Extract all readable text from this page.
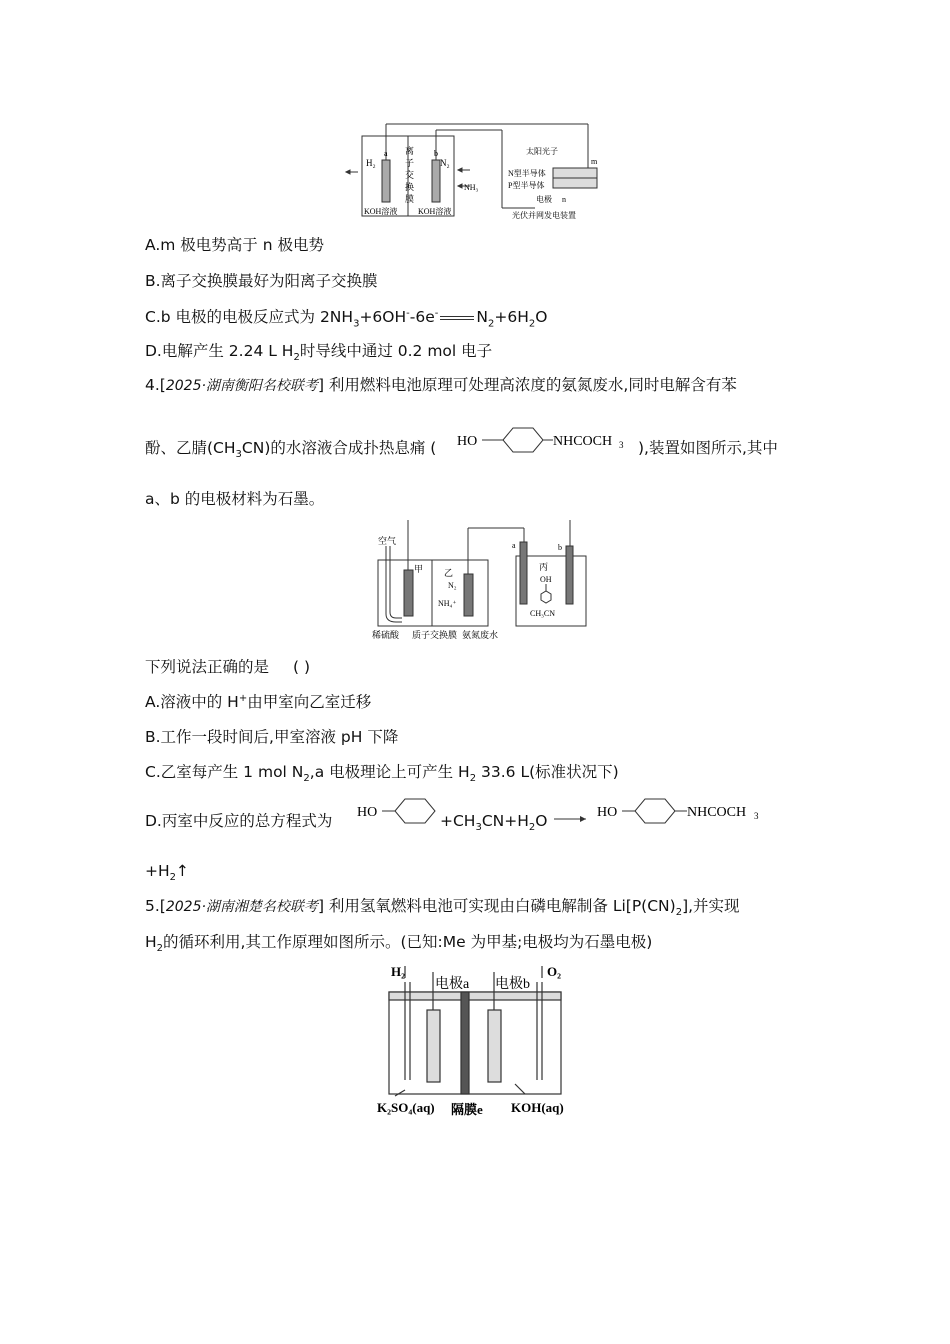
a	b
H₂	N₂
NH₃
离
子
交
换
膜
KOH溶液	KOH溶液
太阳光子
N型半导体
P型半导体
电极
m
n
光伏并网发电装置
A.m 极电势高于 n 极电势
B.离子交换膜最好为阳离子交换膜
C.b 电极的电极反应式为 $2NH_3+6OH^--6e^-$ $N_2+6H_2O$
D.电解产生 2.24 L $H_2$时导线中通过 0.2 mol 电子
4.[2025·湖南衡阳名校联考] 利用燃料电池原理可处理高浓度的氨氮废水,同时电解含有苯
酚、乙腈$(CH_3CN)$的水溶液合成扑热息痛 ( HO	NHCOCH 3 ),装置如图所示,其中
a、b 的电极材料为石墨。
空气
甲 乙
N₂
NH₄⁺
a	b
丙
OH
CH₃CN
稀硫酸 质子交换膜 氨氮废水
下列说法正确的是 ( )
A.溶液中的 H+由甲室向乙室迁移
B.工作一段时间后,甲室溶液 pH 下降
C.乙室每产生 1 mol $N_2,a$ 电极理论上可产生 $H_2$ 33.6 L(标准状况下)
D.丙室中反应的总方程式为 HO	$+CH_3CN+H_2O$ → HO	NHCOCH 3
$+H_2↑$
5.[2025·湖南湘楚名校联考] 利用氢氧燃料电池可实现由白磷电解制备 $Li[P(CN)_2]$,并实现
$H_2$的循环利用,其工作原理如图所示。(已知:Me 为甲基;电极均为石墨电极)
H₂	O₂
电极a 电极b
K₂SO₄(aq) 隔膜e KOH(aq)
